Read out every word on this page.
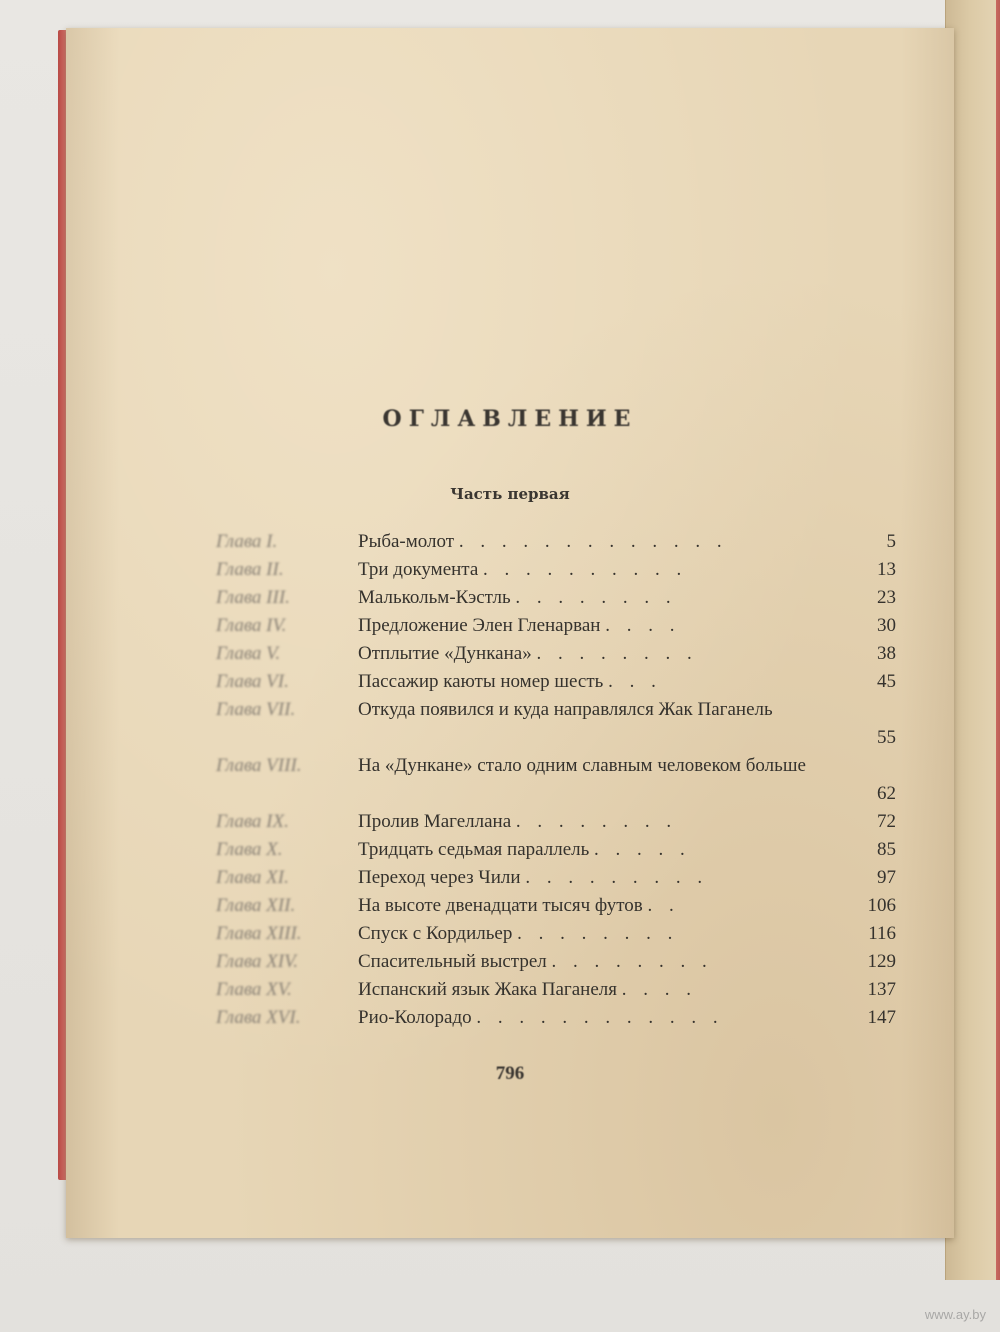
ОГЛАВЛЕНИЕ
Часть первая
Глава I.	Рыба-молот . . . . . . . . . . . . .	5
Глава II.	Три документа . . . . . . . . . .	13
Глава III.	Малькольм-Кэстль . . . . . . . .	23
Глава IV.	Предложение Элен Гленарван . . . .	30
Глава V.	Отплытие «Дункана» . . . . . . . .	38
Глава VI.	Пассажир каюты номер шесть . . .	45
Глава VII.	Откуда появился и куда направлялся Жак Паганель
55
Глава VIII.	На «Дункане» стало одним славным человеком больше
62
Глава IX.	Пролив Магеллана . . . . . . . .	72
Глава X.	Тридцать седьмая параллель . . . . .	85
Глава XI.	Переход через Чили . . . . . . . . .	97
Глава XII.	На высоте двенадцати тысяч футов . .	106
Глава XIII.	Спуск с Кордильер . . . . . . . .	116
Глава XIV.	Спасительный выстрел . . . . . . . .	129
Глава XV.	Испанский язык Жака Паганеля . . . .	137
Глава XVI.	Рио-Колорадо . . . . . . . . . . . .	147
796
www.ay.by
